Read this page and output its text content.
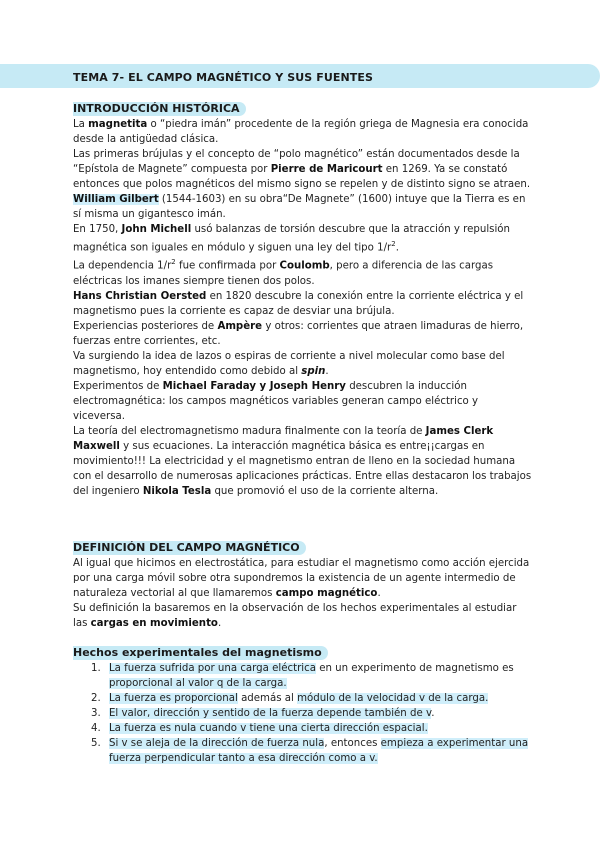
TEMA 7- EL CAMPO MAGNÉTICO Y SUS FUENTES
INTRODUCCIÓN HISTÓRICA

La magnetita o “piedra imán” procedente de la región griega de Magnesia era conocida desde la antigüedad clásica.

Las primeras brújulas y el concepto de “polo magnético” están documentados desde la “Epístola de Magnete” compuesta por Pierre de Maricourt en 1269. Ya se constató entonces que polos magnéticos del mismo signo se repelen y de distinto signo se atraen.

William Gilbert (1544-1603) en su obra“De Magnete” (1600) intuye que la Tierra es en sí misma un gigantesco imán.

En 1750, John Michell usó balanzas de torsión descubre que la atracción y repulsión magnética son iguales en módulo y siguen una ley del tipo $1/r^2$.

La dependencia $1/r^2$ fue confirmada por Coulomb, pero a diferencia de las cargas eléctricas los imanes siempre tienen dos polos.

Hans Christian Oersted en 1820 descubre la conexión entre la corriente eléctrica y el magnetismo pues la corriente es capaz de desviar una brújula.

Experiencias posteriores de Ampère y otros: corrientes que atraen limaduras de hierro, fuerzas entre corrientes, etc.

Va surgiendo la idea de lazos o espiras de corriente a nivel molecular como base del magnetismo, hoy entendido como debido al spin.

Experimentos de Michael Faraday y Joseph Henry descubren la inducción electromagnética: los campos magnéticos variables generan campo eléctrico y viceversa.

La teoría del electromagnetismo madura finalmente con la teoría de James Clerk Maxwell y sus ecuaciones. La interacción magnética básica es entre¡¡cargas en movimiento!!! La electricidad y el magnetismo entran de lleno en la sociedad humana con el desarrollo de numerosas aplicaciones prácticas. Entre ellas destacaron los trabajos del ingeniero Nikola Tesla que promovió el uso de la corriente alterna.

DEFINICIÓN DEL CAMPO MAGNÉTICO

Al igual que hicimos en electrostática, para estudiar el magnetismo como acción ejercida por una carga móvil sobre otra supondremos la existencia de un agente intermedio de naturaleza vectorial al que llamaremos campo magnético.

Su definición la basaremos en la observación de los hechos experimentales al estudiar las cargas en movimiento.

Hechos experimentales del magnetismo
1. La fuerza sufrida por una carga eléctrica en un experimento de magnetismo es proporcional al valor q de la carga.
2. La fuerza es proporcional además al módulo de la velocidad v de la carga.
3. El valor, dirección y sentido de la fuerza depende también de v.
4. La fuerza es nula cuando v tiene una cierta dirección espacial.
5. Si v se aleja de la dirección de fuerza nula, entonces empieza a experimentar una fuerza perpendicular tanto a esa dirección como a v.
